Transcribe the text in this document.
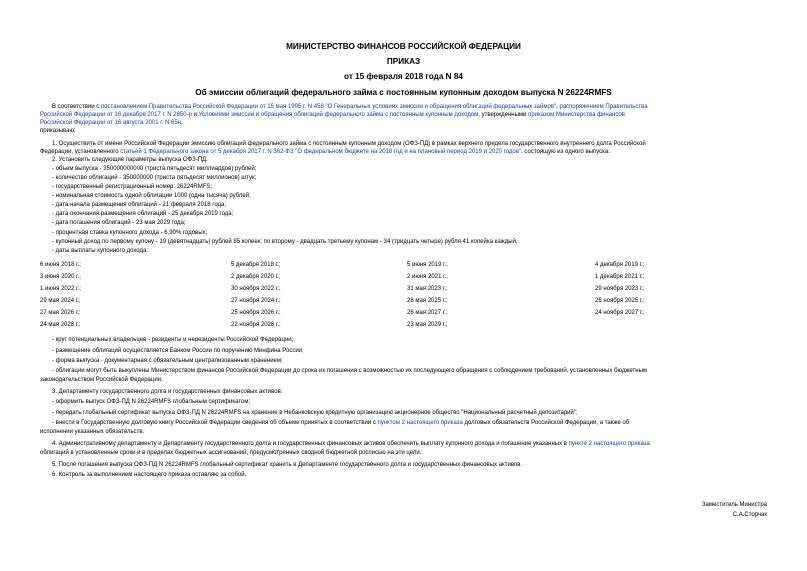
МИНИСТЕРСТВО ФИНАНСОВ РОССИЙСКОЙ ФЕДЕРАЦИИ
ПРИКАЗ
от 15 февраля 2018 года N 84
Об эмиссии облигаций федерального займа с постоянным купонным доходом выпуска N 26224RMFS
В соответствии с постановлением Правительства Российской Федерации от 15 мая 1995 г. N 458 "О Генеральных условиях эмиссии и обращения облигаций федеральных займов", распоряжением Правительства
Российской Федерации от 16 декабря 2017 г. N 2850-р и Условиями эмиссии и обращения облигаций федерального займа с постоянным купонным доходом, утвержденными приказом Министерства финансов
Российской Федерации от 16 августа 2001 г. N 65н,
приказываю:
1. Осуществить от имени Российской Федерации эмиссию облигаций федерального займа с постоянным купонным доходом (ОФЗ-ПД) в рамках верхнего предела государственного внутреннего долга Российской
Федерации, установленного статьей 1 Федерального закона от 5 декабря 2017 г. N 362-ФЗ "О федеральном бюджете на 2018 год и на плановый период 2019 и 2020 годов", состоящую из одного выпуска.
2. Установить следующие параметры выпуска ОФЗ-ПД:
- объем выпуска - 350000000000 (триста пятьдесят миллиардов) рублей;
- количество облигаций - 350000000 (триста пятьдесят миллионов) штук;
- государственный регистрационный номер: 26224RMFS;
- номинальная стоимость одной облигации 1000 (одна тысяча) рублей;
- дата начала размещения облигаций - 21 февраля 2018 года;
- дата окончания размещения облигаций - 25 декабря 2019 года;
- дата погашения облигаций - 23 мая 2029 года;
- процентная ставка купонного дохода - 6,90% годовых;
- купонный доход по первому купону - 19 (девятнадцать) рублей 85 копеек; по второму - двадцать третьему купонам - 34 (тридцать четыре) рубля 41 копейка каждый;
- даты выплаты купонного дохода:
6 июня 2018 г.;	5 декабря 2018 г.;	5 июня 2019 г.;	4 декабря 2019 г.;
3 июня 2020 г.;	2 декабря 2020 г.;	2 июня 2021 г.;	1 декабря 2021 г.;
1 июня 2022 г.;	30 ноября 2022 г.;	31 мая 2023 г.;	29 ноября 2023 г.;
29 мая 2024 г.;	27 ноября 2024 г.;	28 мая 2025 г.;	26 ноября 2025 г.;
27 мая 2026 г.;	25 ноября 2026 г.;	26 мая 2027 г.;	24 ноября 2027 г.;
24 мая 2028 г.;	22 ноября 2028 г.;	23 мая 2029 г.;
- круг потенциальных владельцев - резиденты и нерезиденты Российской Федерации;
- размещение облигаций осуществляется Банком России по поручению Минфина России;
- форма выпуска - документарная с обязательным централизованным хранением;
- облигации могут быть выкуплены Министерством финансов Российской Федерации до срока их погашения с возможностью их последующего обращения с соблюдением требований, установленных бюджетным
законодательством Российской Федерации.
3. Департаменту государственного долга и государственных финансовых активов:
- оформить выпуск ОФЗ-ПД N 26224RMFS глобальным сертификатом;
- передать глобальный сертификат выпуска ОФЗ-ПД N 26224RMFS на хранение в Небанковскую кредитную организацию акционерное общество "Национальный расчетный депозитарий";
- внести в Государственную долговую книгу Российской Федерации сведения об объеме принятых в соответствии с пунктом 2 настоящего приказа долговых обязательств Российской Федерации, а также об
исполнении указанных обязательств.
4. Административному департаменту и Департаменту государственного долга и государственных финансовых активов обеспечить выплату купонного дохода и погашение указанных в пункте 2 настоящего приказа
облигаций в установленные сроки и в пределах бюджетных ассигнований, предусмотренных сводной бюджетной росписью на эти цели.
5. После погашения выпуска ОФЗ-ПД N 26224RMFS глобальный сертификат хранить в Департаменте государственного долга и государственных финансовых активов.
6. Контроль за выполнением настоящего приказа оставляю за собой.
Заместитель Министра
С.А.Сторчак
